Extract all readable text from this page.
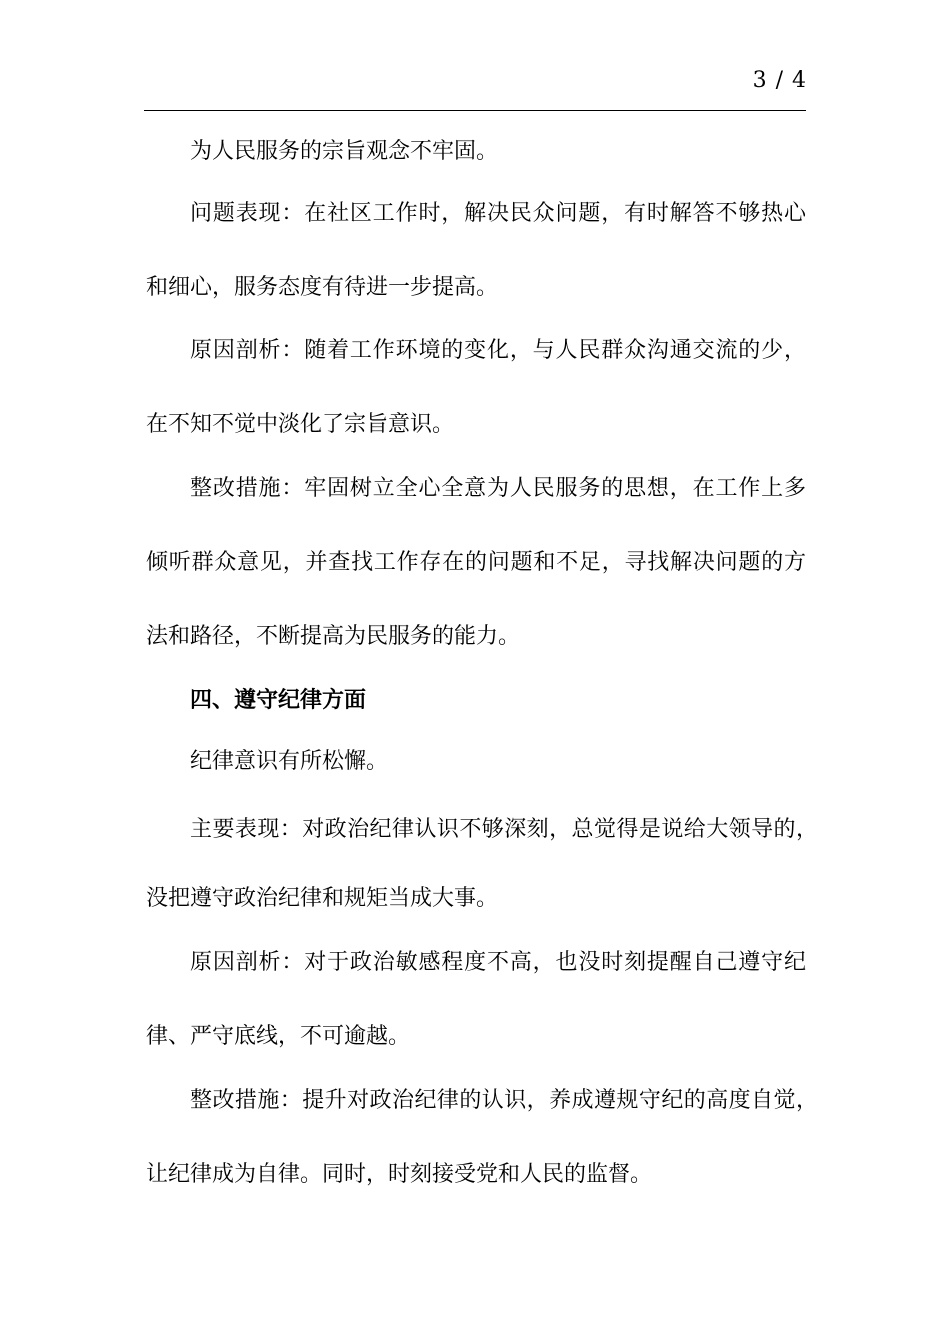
3 / 4
为人民服务的宗旨观念不牢固。
问题表现：在社区工作时，解决民众问题，有时解答不够热心
和细心，服务态度有待进一步提高。
原因剖析：随着工作环境的变化，与人民群众沟通交流的少，
在不知不觉中淡化了宗旨意识。
整改措施：牢固树立全心全意为人民服务的思想，在工作上多
倾听群众意见，并查找工作存在的问题和不足，寻找解决问题的方
法和路径，不断提高为民服务的能力。
四、遵守纪律方面
纪律意识有所松懈。
主要表现：对政治纪律认识不够深刻，总觉得是说给大领导的，
没把遵守政治纪律和规矩当成大事。
原因剖析：对于政治敏感程度不高，也没时刻提醒自己遵守纪
律、严守底线，不可逾越。
整改措施：提升对政治纪律的认识，养成遵规守纪的高度自觉，
让纪律成为自律。同时，时刻接受党和人民的监督。
